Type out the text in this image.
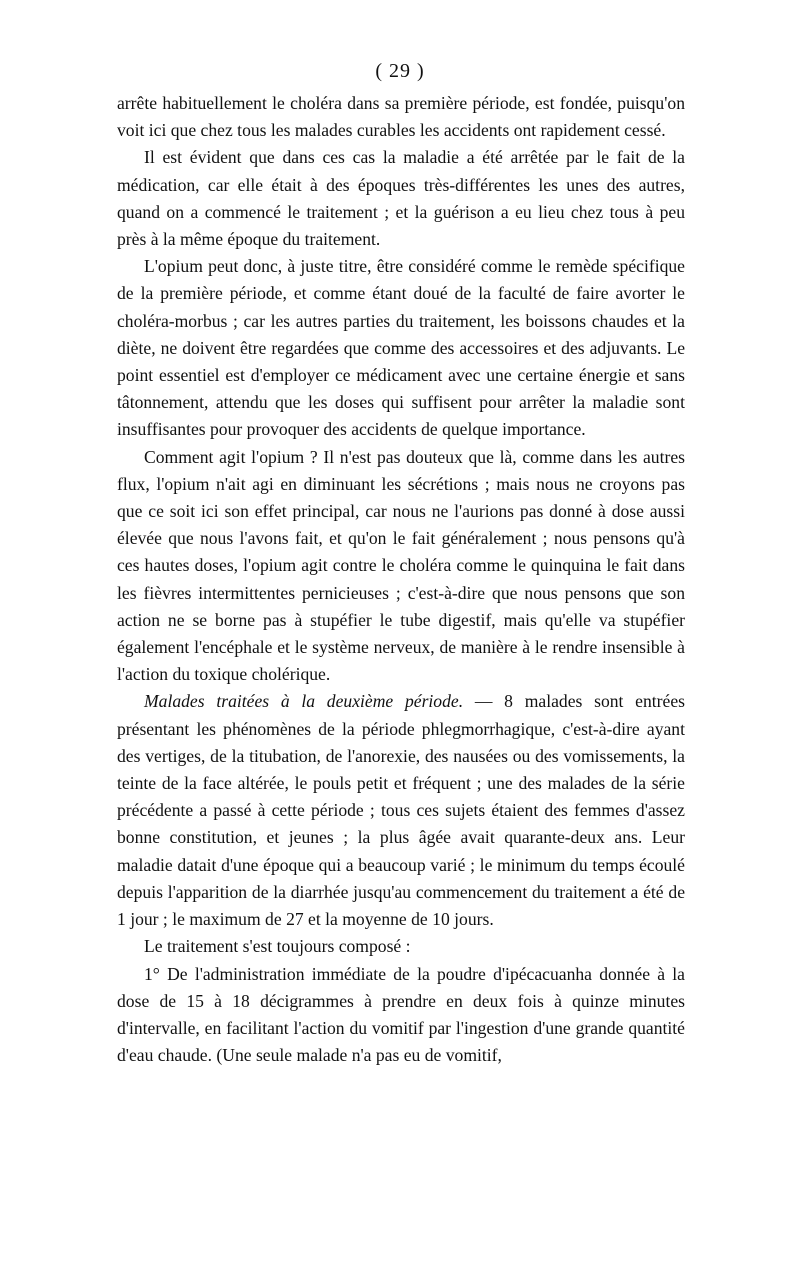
( 29 )

arrête habituellement le choléra dans sa première période, est fondée, puisqu'on voit ici que chez tous les malades curables les accidents ont rapidement cessé.

Il est évident que dans ces cas la maladie a été arrêtée par le fait de la médication, car elle était à des époques très-différentes les unes des autres, quand on a commencé le traitement ; et la guérison a eu lieu chez tous à peu près à la même époque du traitement.

L'opium peut donc, à juste titre, être considéré comme le remède spécifique de la première période, et comme étant doué de la faculté de faire avorter le choléra-morbus ; car les autres parties du traitement, les boissons chaudes et la diète, ne doivent être regardées que comme des accessoires et des adjuvants. Le point essentiel est d'employer ce médicament avec une certaine énergie et sans tâtonnement, attendu que les doses qui suffisent pour arrêter la maladie sont insuffisantes pour provoquer des accidents de quelque importance.

Comment agit l'opium ? Il n'est pas douteux que là, comme dans les autres flux, l'opium n'ait agi en diminuant les sécrétions ; mais nous ne croyons pas que ce soit ici son effet principal, car nous ne l'aurions pas donné à dose aussi élevée que nous l'avons fait, et qu'on le fait généralement ; nous pensons qu'à ces hautes doses, l'opium agit contre le choléra comme le quinquina le fait dans les fièvres intermittentes pernicieuses ; c'est-à-dire que nous pensons que son action ne se borne pas à stupéfier le tube digestif, mais qu'elle va stupéfier également l'encéphale et le système nerveux, de manière à le rendre insensible à l'action du toxique cholérique.

Malades traitées à la deuxième période. — 8 malades sont entrées présentant les phénomènes de la période phlegmorrhagique, c'est-à-dire ayant des vertiges, de la titubation, de l'anorexie, des nausées ou des vomissements, la teinte de la face altérée, le pouls petit et fréquent ; une des malades de la série précédente a passé à cette période ; tous ces sujets étaient des femmes d'assez bonne constitution, et jeunes ; la plus âgée avait quarante-deux ans. Leur maladie datait d'une époque qui a beaucoup varié ; le minimum du temps écoulé depuis l'apparition de la diarrhée jusqu'au commencement du traitement a été de 1 jour ; le maximum de 27 et la moyenne de 10 jours.

Le traitement s'est toujours composé :

1° De l'administration immédiate de la poudre d'ipécacuanha donnée à la dose de 15 à 18 décigrammes à prendre en deux fois à quinze minutes d'intervalle, en facilitant l'action du vomitif par l'ingestion d'une grande quantité d'eau chaude. (Une seule malade n'a pas eu de vomitif,
